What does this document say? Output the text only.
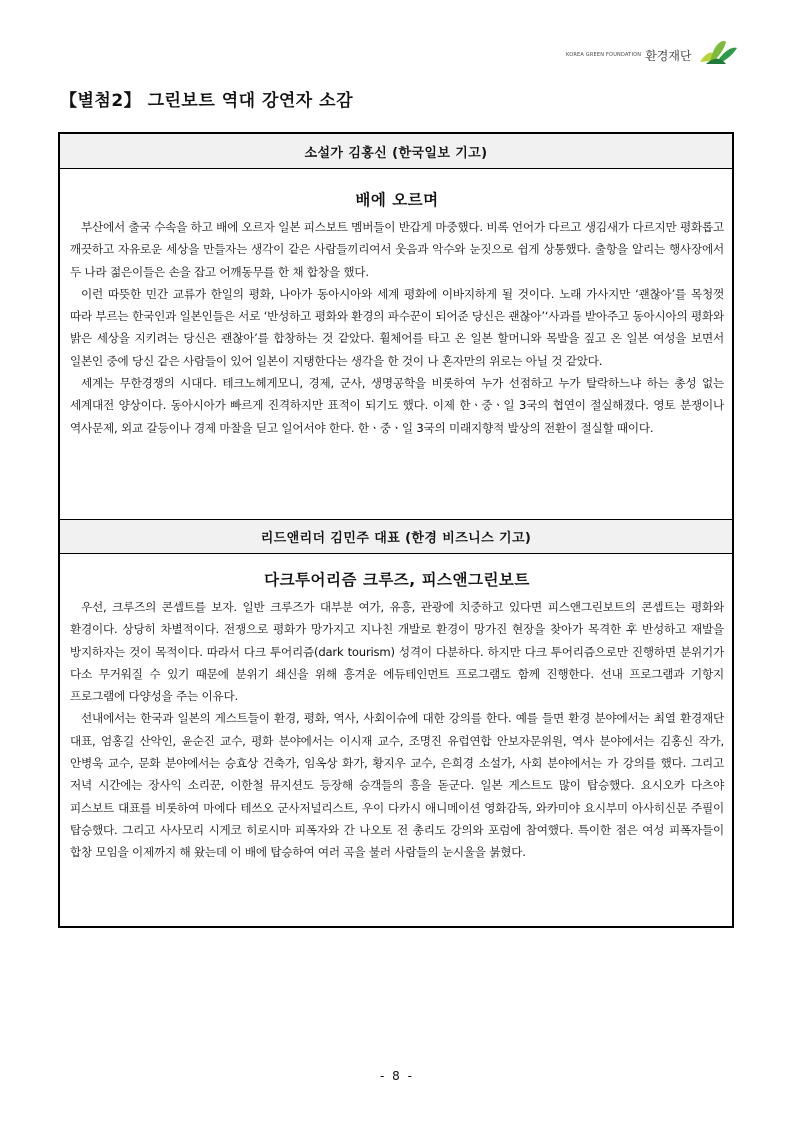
KOREA GREEN FOUNDATION 환경재단
【별첨2】 그린보트 역대 강연자 소감
소설가 김홍신 (한국일보 기고)
배에 오르며

부산에서 출국 수속을 하고 배에 오르자 일본 피스보트 멤버들이 반갑게 마중했다. 비록 언어가 다르고 생김새가 다르지만 평화롭고 깨끗하고 자유로운 세상을 만들자는 생각이 같은 사람들끼리여서 웃음과 악수와 눈짓으로 쉽게 상통했다. 출항을 알리는 행사장에서 두 나라 젊은이들은 손을 잡고 어깨동무를 한 채 합창을 했다.

이런 따뜻한 민간 교류가 한일의 평화, 나아가 동아시아와 세계 평화에 이바지하게 될 것이다. 노래 가사지만 ‘괜찮아’를 목청껏 따라 부르는 한국인과 일본인들은 서로 ‘반성하고 평화와 환경의 파수꾼이 되어준 당신은 괜찮아’‘사과를 받아주고 동아시아의 평화와 밝은 세상을 지키려는 당신은 괜찮아’를 합창하는 것 같았다. 휠체어를 타고 온 일본 할머니와 목발을 짚고 온 일본 여성을 보면서 일본인 중에 당신 같은 사람들이 있어 일본이 지탱한다는 생각을 한 것이 나 혼자만의 위로는 아닐 것 같았다.

세계는 무한경쟁의 시대다. 테크노헤게모니, 경제, 군사, 생명공학을 비롯하여 누가 선점하고 누가 탈락하느냐 하는 총성 없는 세계대전 양상이다. 동아시아가 빠르게 진격하지만 표적이 되기도 했다. 이제 한ㆍ중ㆍ일 3국의 협연이 절실해졌다. 영토 분쟁이나 역사문제, 외교 갈등이나 경제 마찰을 딛고 일어서야 한다. 한ㆍ중ㆍ일 3국의 미래지향적 발상의 전환이 절실할 때이다.

리드앤리더 김민주 대표 (한경 비즈니스 기고)
다크투어리즘 크루즈, 피스앤그린보트

우선, 크루즈의 콘셉트를 보자. 일반 크루즈가 대부분 여가, 유흥, 관광에 치중하고 있다면 피스앤그린보트의 콘셉트는 평화와 환경이다. 상당히 차별적이다. 전쟁으로 평화가 망가지고 지나친 개발로 환경이 망가진 현장을 찾아가 목격한 후 반성하고 재발을 방지하자는 것이 목적이다. 따라서 다크 투어리즘(dark tourism) 성격이 다분하다. 하지만 다크 투어리즘으로만 진행하면 분위기가 다소 무거워질 수 있기 때문에 분위기 쇄신을 위해 흥겨운 에듀테인먼트 프로그램도 함께 진행한다. 선내 프로그램과 기항지 프로그램에 다양성을 주는 이유다.

선내에서는 한국과 일본의 게스트들이 환경, 평화, 역사, 사회이슈에 대한 강의를 한다. 예를 들면 환경 분야에서는 최열 환경재단 대표, 엄홍길 산악인, 윤순진 교수, 평화 분야에서는 이시재 교수, 조명진 유럽연합 안보자문위원, 역사 분야에서는 김홍신 작가, 안병욱 교수, 문화 분야에서는 승효상 건축가, 임옥상 화가, 황지우 교수, 은희경 소설가, 사회 분야에서는 가 강의를 했다. 그리고 저녁 시간에는 장사익 소리꾼, 이한철 뮤지션도 등장해 승객들의 흥을 돋군다. 일본 게스트도 많이 탑승했다. 요시오카 다츠야 피스보트 대표를 비롯하여 마에다 테쓰오 군사저널리스트, 우이 다카시 애니메이션 영화감독, 와카미야 요시부미 아사히신문 주필이 탑승했다. 그리고 사사모리 시게코 히로시마 피폭자와 간 나오토 전 총리도 강의와 포럼에 참여했다. 특이한 점은 여성 피폭자들이 합창 모임을 이제까지 해 왔는데 이 배에 탑승하여 여러 곡을 불러 사람들의 눈시울을 붉혔다.

- 8 -
